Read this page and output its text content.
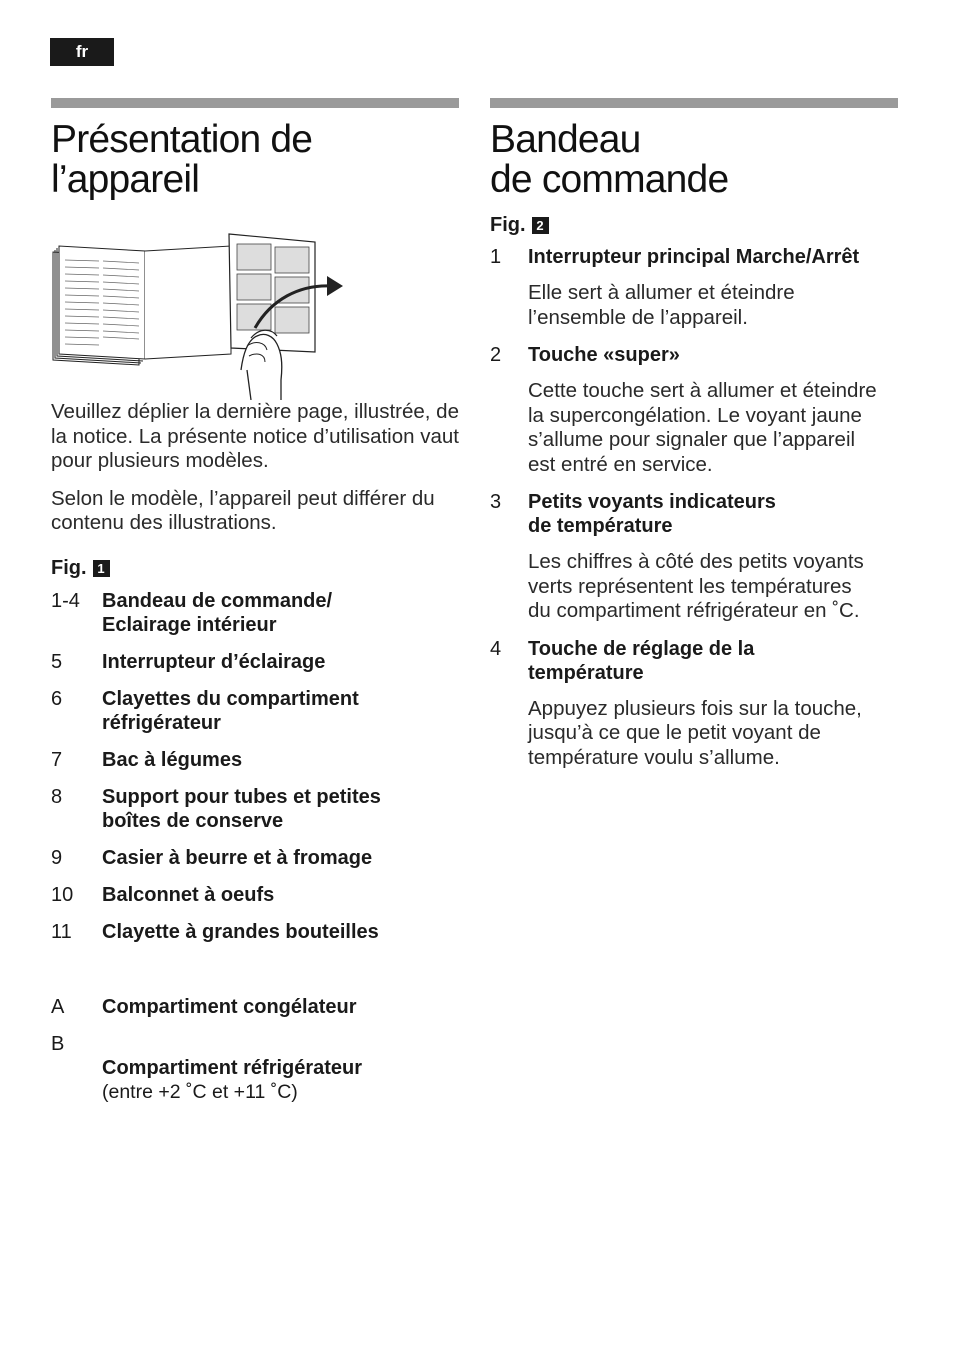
fr
Présentation de
l’appareil

Veuillez déplier la dernière page, illustrée, de la notice. La présente notice d’utilisation vaut pour plusieurs modèles.

Selon le modèle, l’appareil peut différer du contenu des illustrations.

Fig. 1
1-4	Bandeau de commande/
Eclairage intérieur
5	Interrupteur d’éclairage
6	Clayettes du compartiment
réfrigérateur
7	Bac à légumes
8	Support pour tubes et petites
boîtes de conserve
9	Casier à beurre et à fromage
10	Balconnet à oeufs
11	Clayette à grandes bouteilles
A	Compartiment congélateur
B

Compartiment réfrigérateur

(entre +2 ˚C et +11 ˚C)

Bandeau
de commande
Fig. 2
1	Interrupteur principal Marche/Arrêt
Elle sert à allumer et éteindre
l’ensemble de l’appareil.
2	Touche «super»
Cette touche sert à allumer et éteindre
la supercongélation. Le voyant jaune
s’allume pour signaler que l’appareil
est entré en service.
3	Petits voyants indicateurs
de température
Les chiffres à côté des petits voyants
verts représentent les températures
du compartiment réfrigérateur en ˚C.
4	Touche de réglage de la
température
Appuyez plusieurs fois sur la touche,
jusqu’à ce que le petit voyant de
température voulu s’allume.
